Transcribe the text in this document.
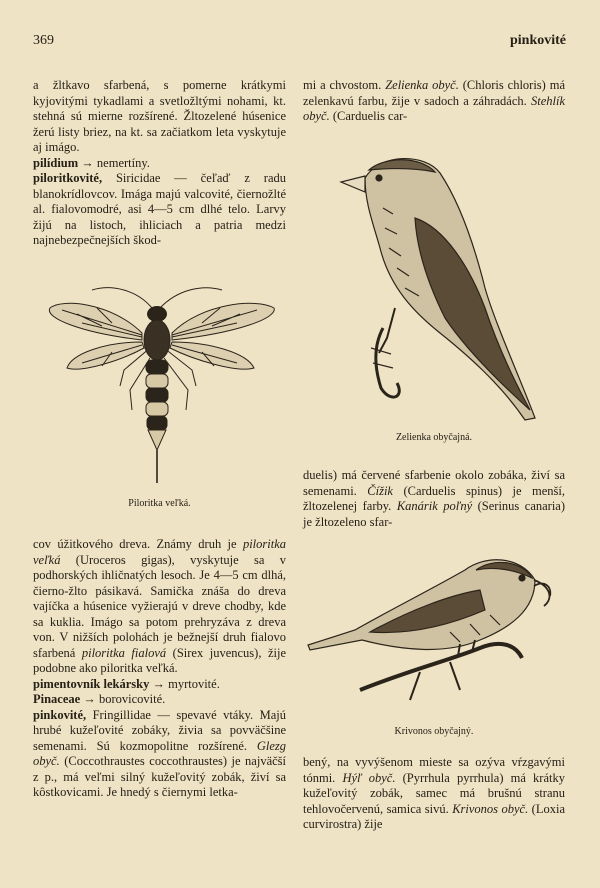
369	pinkovité

a žltkavo sfarbená, s pomerne krátkymi kyjovitými tykadlami a svetložltými nohami, kt. stehná sú mierne rozšírené. Žltozelené húsenice žerú listy briez, na kt. sa začiatkom leta vyskytuje aj imágo.

pilídium → nemertíny.

piloritkovité, Siricidae — čeľaď z radu blanokrídlovcov. Imága majú valcovité, čiernožlté al. fialovomodré, asi 4—5 cm dlhé telo. Larvy žijú na listoch, ihliciach a patria medzi najnebezpečnejších škod-

Piloritka veľká.

cov úžitkového dreva. Známy druh je piloritka veľká (Uroceros gigas), vyskytuje sa v podhorských ihličnatých lesoch. Je 4—5 cm dlhá, čierno-žlto pásikavá. Samička znáša do dreva vajíčka a húsenice vyžierajú v dreve chodby, kde sa kuklia. Imágo sa potom prehryzáva z dreva von. V nižších polohách je bežnejší druh fialovo sfarbená piloritka fialová (Sirex juvencus), žije podobne ako piloritka veľká.

pimentovník lekársky → myrtovité.

Pinaceae → borovicovité.

pinkovité, Fringillidae — spevavé vtáky. Majú hrubé kužeľovité zobáky, živia sa povväčšine semenami. Sú kozmopolitne rozšírené. Glezg obyč. (Coccothraustes coccothraustes) je najväčší z p., má veľmi silný kužeľovitý zobák, živí sa kôstkovicami. Je hnedý s čiernymi letka-

mi a chvostom. Zelienka obyč. (Chloris chloris) má zelenkavú farbu, žije v sadoch a záhradách. Stehlík obyč. (Carduelis car-

Zelienka obyčajná.

duelis) má červené sfarbenie okolo zobáka, živí sa semenami. Čížik (Carduelis spinus) je menší, žltozelenej farby. Kanárik poľný (Serinus canaria) je žltozeleno sfar-

Krivonos obyčajný.

bený, na vyvýšenom mieste sa ozýva vŕzgavými tónmi. Hýľ obyč. (Pyrrhula pyrrhula) má krátky kužeľovitý zobák, samec má brušnú stranu tehlovočervenú, samica sivú. Krivonos obyč. (Loxia curvirostra) žije
